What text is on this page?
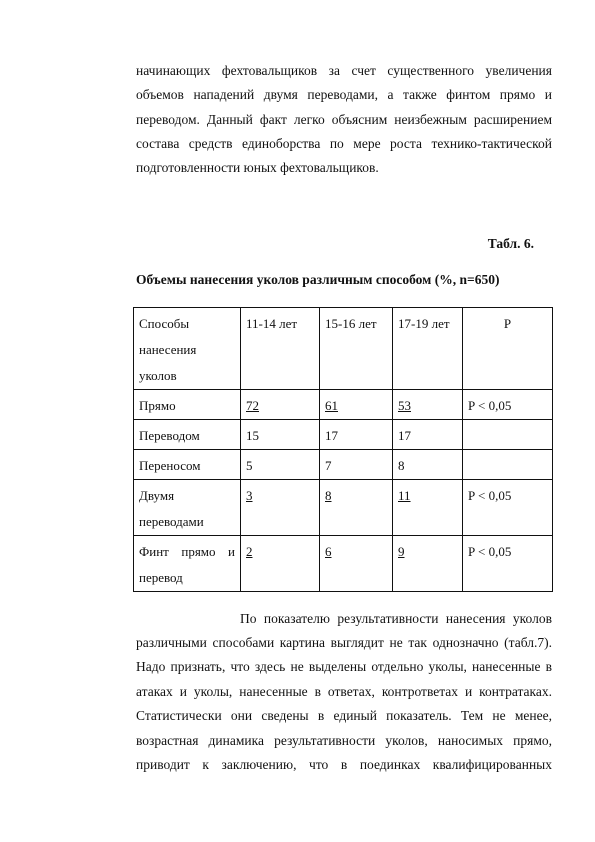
начинающих фехтовальщиков за счет существенного увеличения
объемов нападений двумя переводами, а также финтом прямо и
переводом. Данный факт легко объясним неизбежным расширением
состава средств единоборства по мере роста технико-тактической
подготовленности юных фехтовальщиков.
Табл. 6.
Объемы нанесения уколов различным способом (%, n=650)
Способы
нанесения
уколов	11-14 лет	15-16 лет	17-19 лет	P
Прямо	72	61	53	P < 0,05
Переводом	15	17	17	
Переносом	5	7	8	
Двумя
переводами	3	8	11	P < 0,05

Финт прямо и
перевод	2	6	9	P < 0,05
По показателю результативности нанесения уколов
различными способами картина выглядит не так однозначно (табл.7).
Надо признать, что здесь не выделены отдельно уколы, нанесенные в
атаках и уколы, нанесенные в ответах, контрответах и контратаках.
Статистически они сведены в единый показатель. Тем не менее,
возрастная динамика результативности уколов, наносимых прямо,
приводит к заключению, что в поединках квалифицированных
